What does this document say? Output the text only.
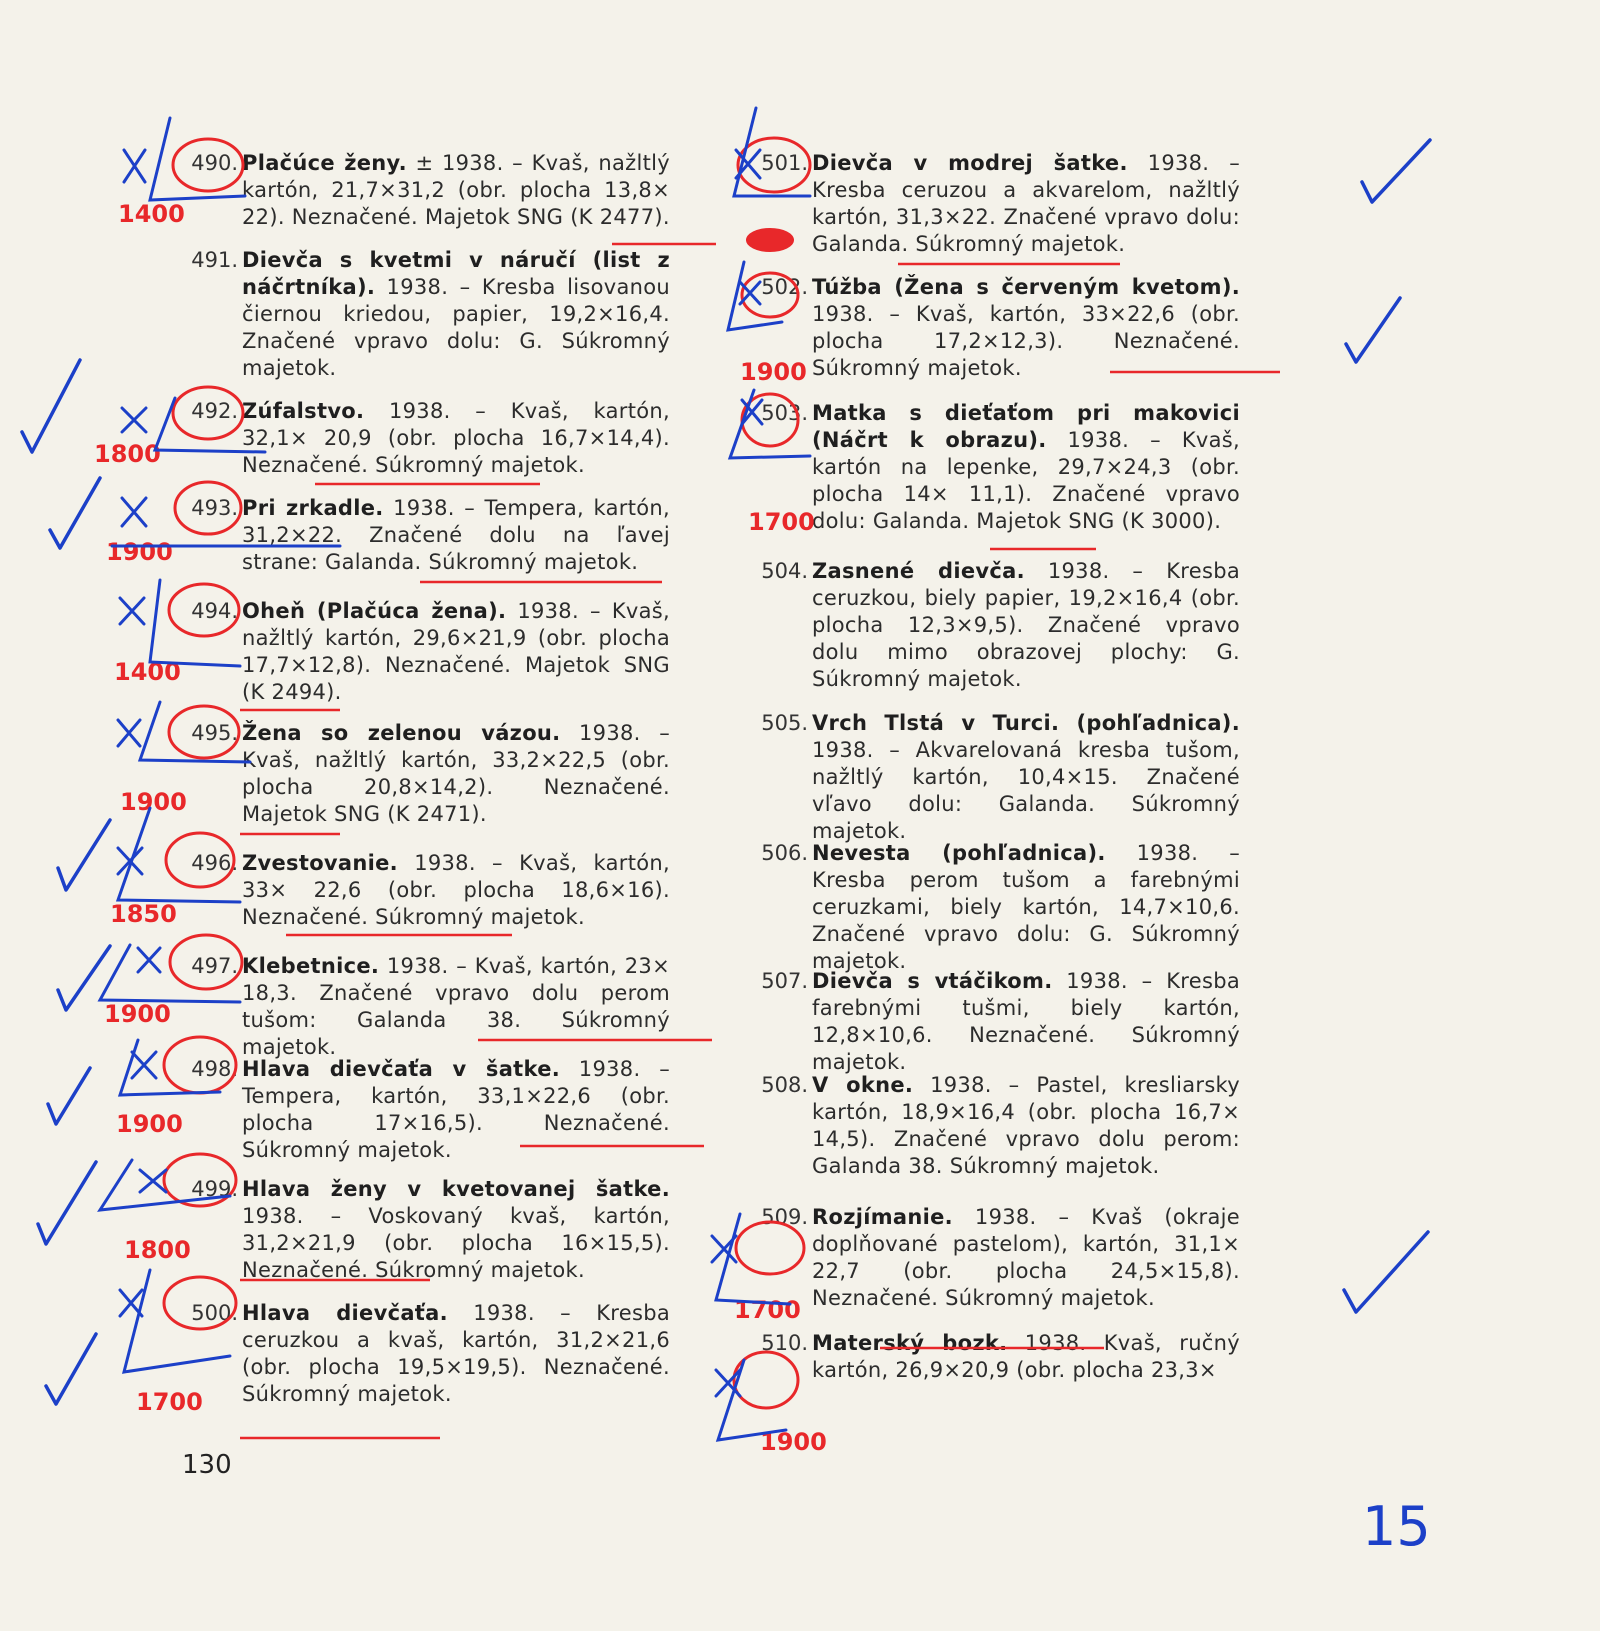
490. Plačúce ženy. ± 1938. – Kvaš, nažltlý kartón, 21,7×31,2 (obr. plocha 13,8× 22). Neznačené. Majetok SNG (K 2477).
491. Dievča s kvetmi v náručí (list z náčrtníka). 1938. – Kresba lisovanou čiernou kriedou, papier, 19,2×16,4. Značené vpravo dolu: G. Súkromný majetok.
492. Zúfalstvo. 1938. – Kvaš, kartón, 32,1× 20,9 (obr. plocha 16,7×14,4). Neznačené. Súkromný majetok.
493. Pri zrkadle. 1938. – Tempera, kartón, 31,2×22. Značené dolu na ľavej strane: Galanda. Súkromný majetok.
494. Oheň (Plačúca žena). 1938. – Kvaš, nažltlý kartón, 29,6×21,9 (obr. plocha 17,7×12,8). Neznačené. Majetok SNG (K 2494).
495. Žena so zelenou vázou. 1938. – Kvaš, nažltlý kartón, 33,2×22,5 (obr. plocha 20,8×14,2). Neznačené. Majetok SNG (K 2471).
496. Zvestovanie. 1938. – Kvaš, kartón, 33× 22,6 (obr. plocha 18,6×16). Neznačené. Súkromný majetok.
497. Klebetnice. 1938. – Kvaš, kartón, 23× 18,3. Značené vpravo dolu perom tušom: Galanda 38. Súkromný majetok.
498. Hlava dievčaťa v šatke. 1938. – Tempera, kartón, 33,1×22,6 (obr. plocha 17×16,5). Neznačené. Súkromný majetok.
499. Hlava ženy v kvetovanej šatke. 1938. – Voskovaný kvaš, kartón, 31,2×21,9 (obr. plocha 16×15,5). Neznačené. Súkromný majetok.
500. Hlava dievčaťa. 1938. – Kresba ceruzkou a kvaš, kartón, 31,2×21,6 (obr. plocha 19,5×19,5). Neznačené. Súkromný majetok.
501. Dievča v modrej šatke. 1938. – Kresba ceruzou a akvarelom, nažltlý kartón, 31,3×22. Značené vpravo dolu: Galanda. Súkromný majetok.
502. Túžba (Žena s červeným kvetom). 1938. – Kvaš, kartón, 33×22,6 (obr. plocha 17,2×12,3). Neznačené. Súkromný majetok.
503. Matka s dieťaťom pri makovici (Náčrt k obrazu). 1938. – Kvaš, kartón na lepenke, 29,7×24,3 (obr. plocha 14× 11,1). Značené vpravo dolu: Galanda. Majetok SNG (K 3000).
504. Zasnené dievča. 1938. – Kresba ceruzkou, biely papier, 19,2×16,4 (obr. plocha 12,3×9,5). Značené vpravo dolu mimo obrazovej plochy: G. Súkromný majetok.
505. Vrch Tlstá v Turci. (pohľadnica). 1938. – Akvarelovaná kresba tušom, nažltlý kartón, 10,4×15. Značené vľavo dolu: Galanda. Súkromný majetok.
506. Nevesta (pohľadnica). 1938. – Kresba perom tušom a farebnými ceruzkami, biely kartón, 14,7×10,6. Značené vpravo dolu: G. Súkromný majetok.
507. Dievča s vtáčikom. 1938. – Kresba farebnými tušmi, biely kartón, 12,8×10,6. Neznačené. Súkromný majetok.
508. V okne. 1938. – Pastel, kresliarsky kartón, 18,9×16,4 (obr. plocha 16,7× 14,5). Značené vpravo dolu perom: Galanda 38. Súkromný majetok.
509. Rozjímanie. 1938. – Kvaš (okraje doplňované pastelom), kartón, 31,1× 22,7 (obr. plocha 24,5×15,8). Neznačené. Súkromný majetok.
510. Materský bozk. 1938. Kvaš, ručný kartón, 26,9×20,9 (obr. plocha 23,3×
130
1400
1800
1900
1400
1900
1850
1900
1900
1800
1700
1900
1700
1700
1900
15
